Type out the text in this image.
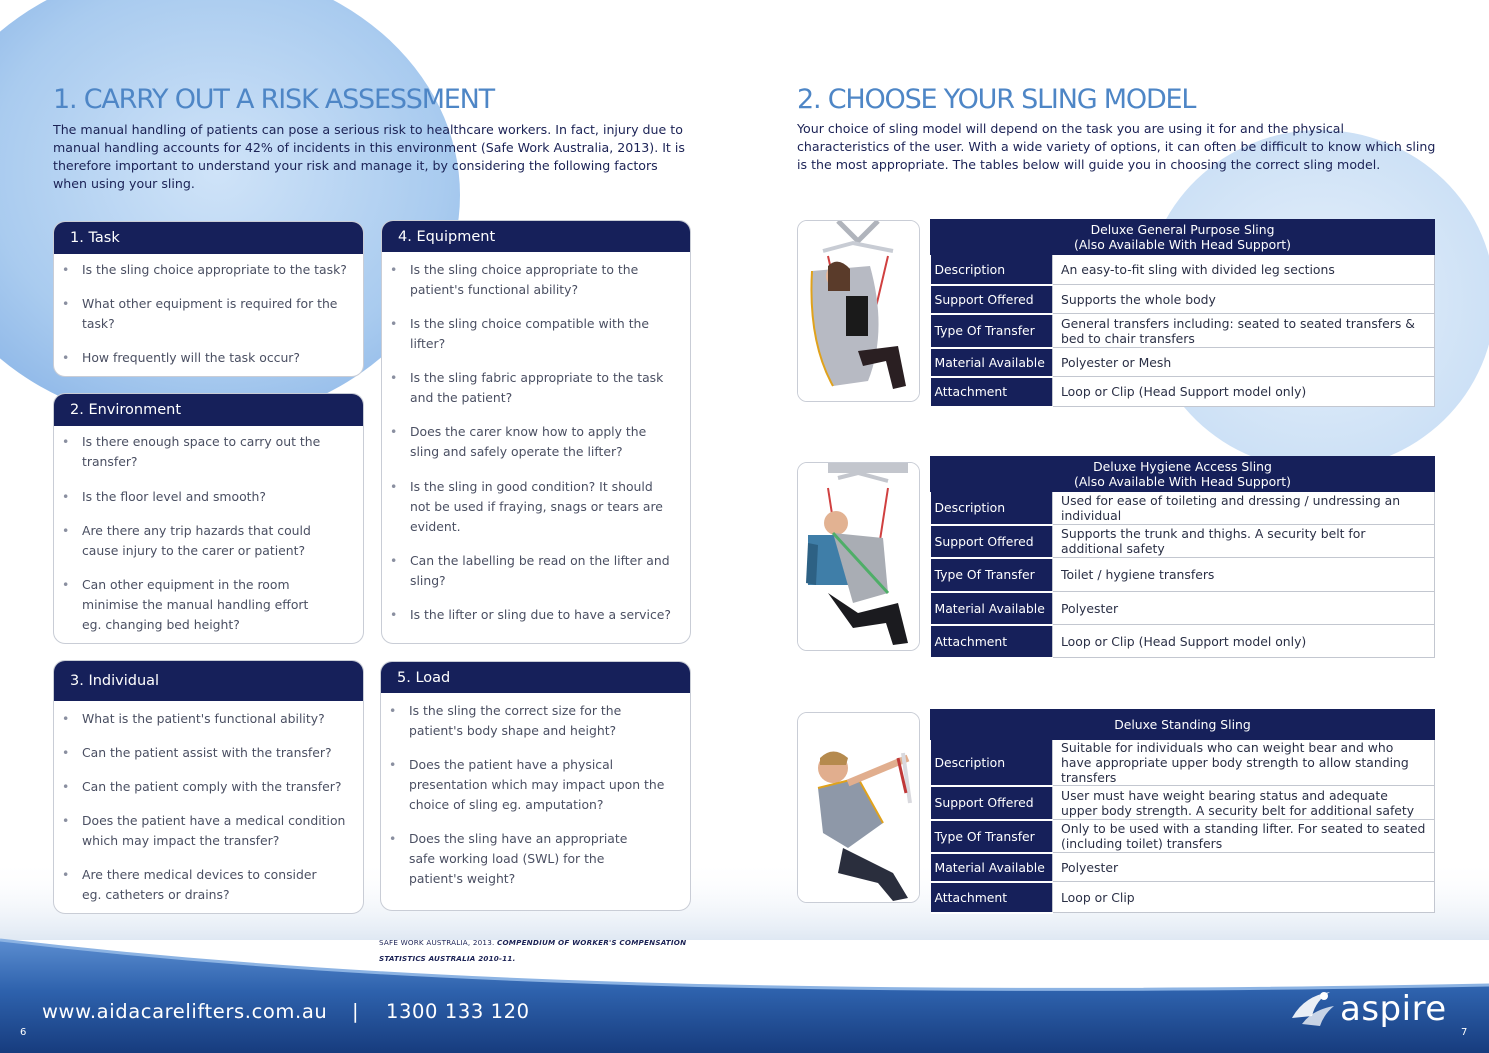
1. CARRY OUT A RISK ASSESSMENT

The manual handling of patients can pose a serious risk to healthcare workers. In fact, injury due to manual handling accounts for 42% of incidents in this environment (Safe Work Australia, 2013). It is therefore important to understand your risk and manage it, by considering the following factors when using your sling.

1. Task
• Is the sling choice appropriate to the task?
• What other equipment is required for the task?
• How frequently will the task occur?
2. Environment
• Is there enough space to carry out the transfer?
• Is the floor level and smooth?
• Are there any trip hazards that could cause injury to the carer or patient?
• Can other equipment in the room minimise the manual handling effort eg. changing bed height?
3. Individual
• What is the patient's functional ability?
• Can the patient assist with the transfer?
• Can the patient comply with the transfer?
• Does the patient have a medical condition which may impact the transfer?
• Are there medical devices to consider eg. catheters or drains?
4. Equipment
• Is the sling choice appropriate to the patient's functional ability?
• Is the sling choice compatible with the lifter?
• Is the sling fabric appropriate to the task and the patient?
• Does the carer know how to apply the sling and safely operate the lifter?
• Is the sling in good condition? It should not be used if fraying, snags or tears are evident.
• Can the labelling be read on the lifter and sling?
• Is the lifter or sling due to have a service?
5. Load
• Is the sling the correct size for the patient's body shape and height?
• Does the patient have a physical presentation which may impact upon the choice of sling eg. amputation?
• Does the sling have an appropriate safe working load (SWL) for the patient's weight?
SAFE WORK AUSTRALIA, 2013. COMPENDIUM OF WORKER'S COMPENSATION STATISTICS AUSTRALIA 2010-11.
2. CHOOSE YOUR SLING MODEL

Your choice of sling model will depend on the task you are using it for and the physical characteristics of the user. With a wide variety of options, it can often be difficult to know which sling is the most appropriate. The tables below will guide you in choosing the correct sling model.

Deluxe General Purpose Sling
(Also Available With Head Support)	

Description	An easy-to-fit sling with divided leg sections
Support Offered	Supports the whole body
Type Of Transfer	General transfers including: seated to seated transfers & bed to chair transfers
Material Available	Polyester or Mesh
Attachment	Loop or Clip (Head Support model only)
Deluxe Hygiene Access Sling
(Also Available With Head Support)	

Description	Used for ease of toileting and dressing / undressing an individual
Support Offered	Supports the trunk and thighs. A security belt for additional safety
Type Of Transfer	Toilet / hygiene transfers
Material Available	Polyester
Attachment	Loop or Clip (Head Support model only)
Deluxe Standing Sling	

Description	Suitable for individuals who can weight bear and who have appropriate upper body strength to allow standing transfers
Support Offered	User must have weight bearing status and adequate upper body strength. A security belt for additional safety
Type Of Transfer	Only to be used with a standing lifter. For seated to seated (including toilet) transfers
Material Available	Polyester
Attachment	Loop or Clip
www.aidacarelifters.com.au | 1300 133 120
6	7
aspire
